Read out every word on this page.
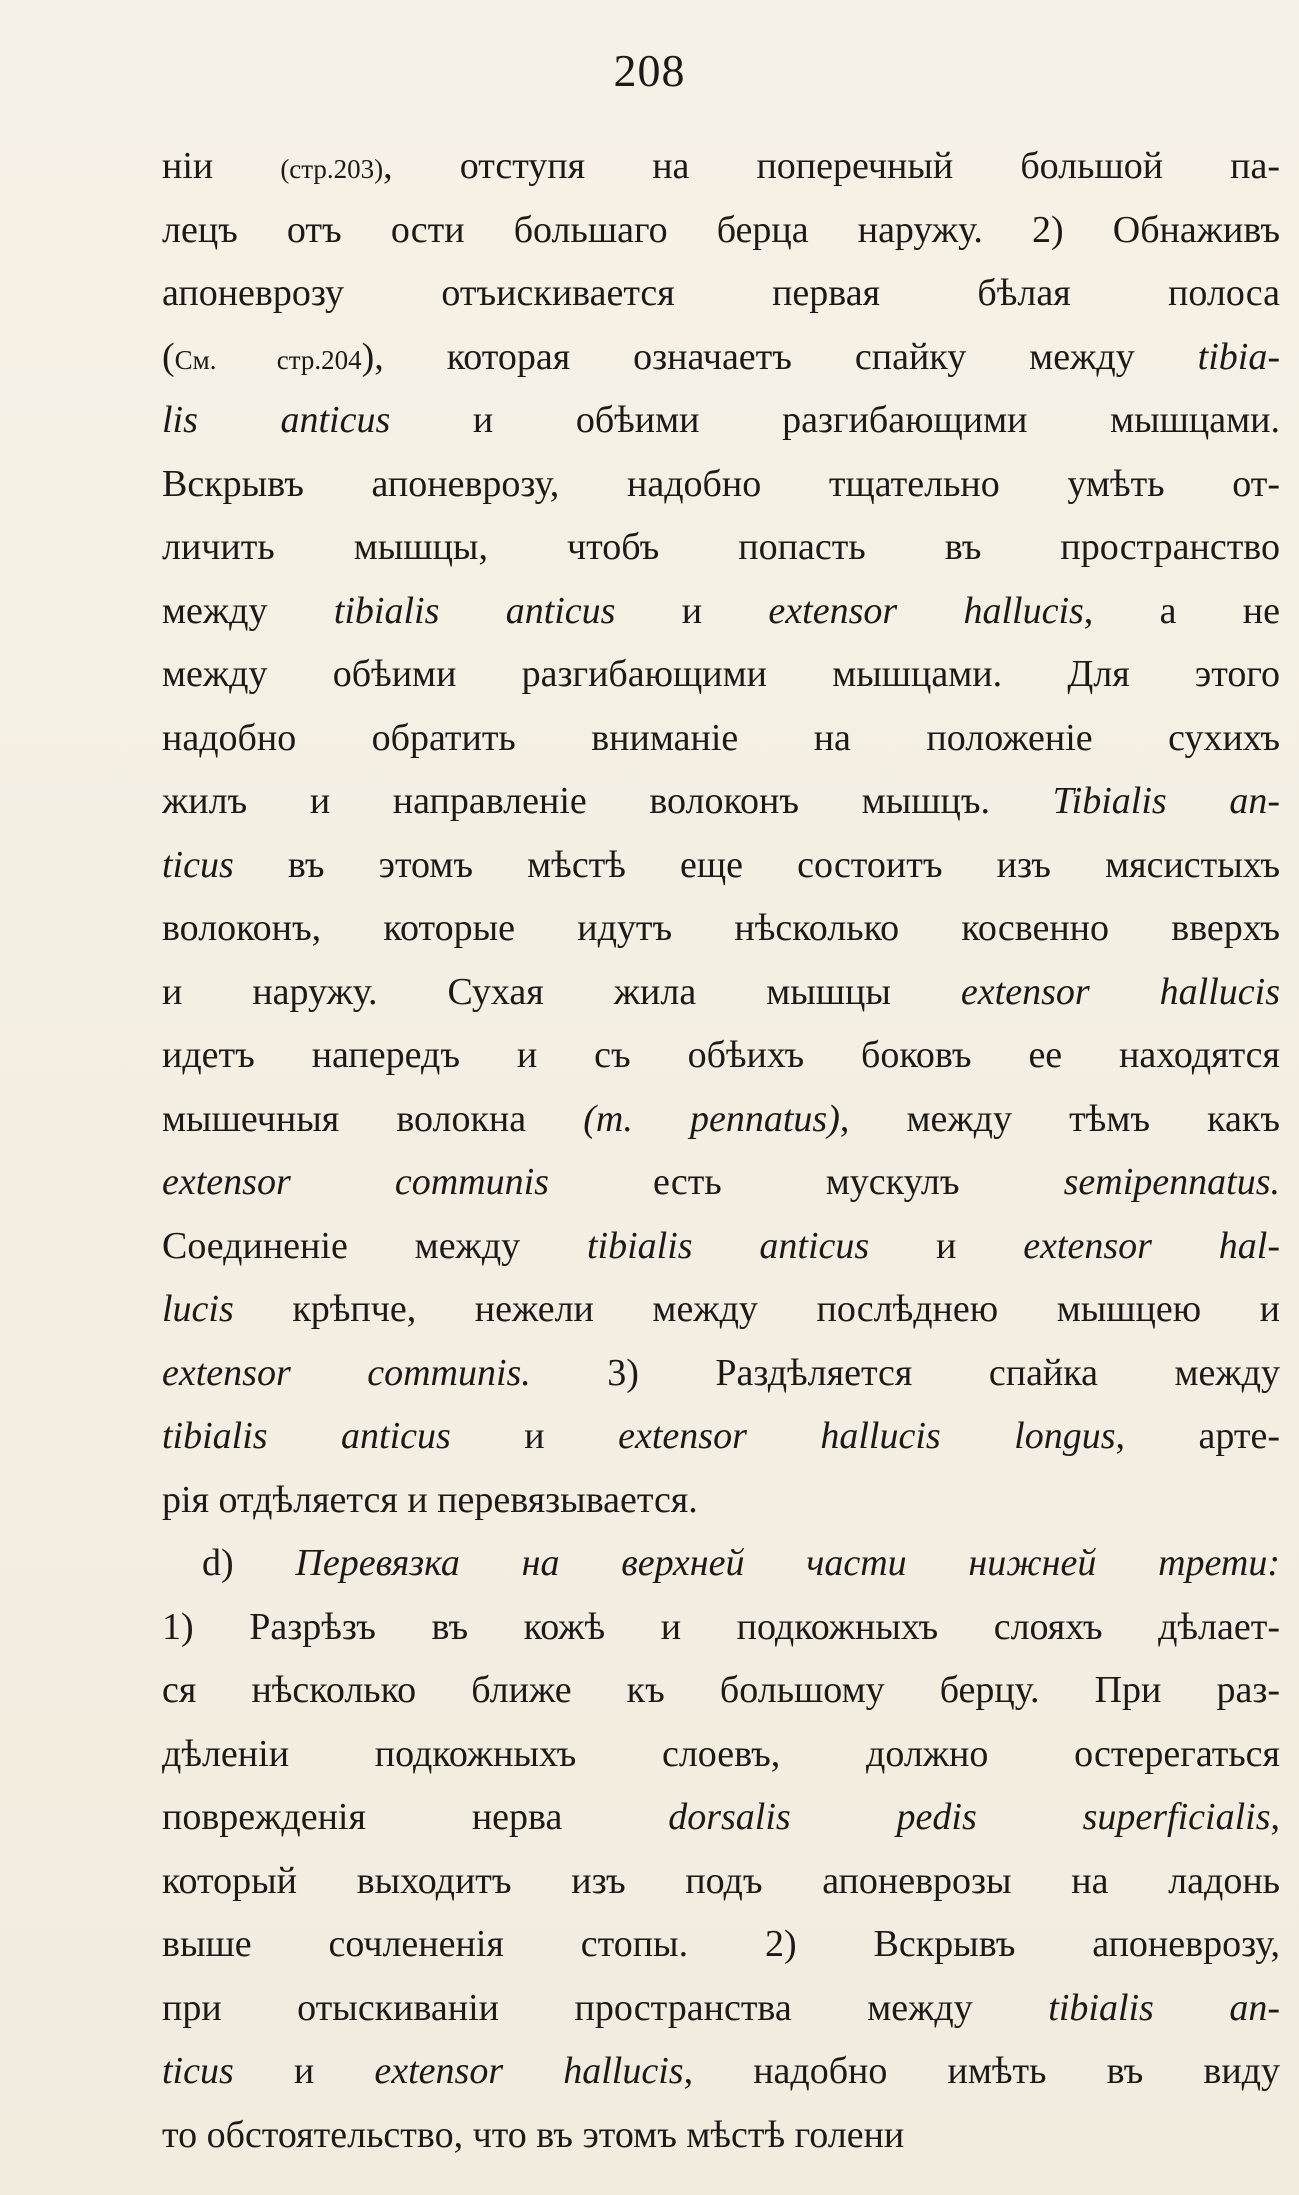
208
нiи (стр.203), отступя на поперечный большой па-
лецъ отъ ости большаго берца наружу. 2) Обнаживъ
апоневрозу отъискивается первая бѣлая полоса
(См. стр.204), которая означаетъ спайку между tibia-
lis anticus и обѣими разгибающими мышцами.
Вскрывъ апоневрозу, надобно тщательно умѣть от-
личить мышцы, чтобъ попасть въ пространство
между tibialis anticus и extensor hallucis, а не
между обѣими разгибающими мышцами. Для этого
надобно обратить вниманiе на положенiе сухихъ
жилъ и направленiе волоконъ мышцъ. Tibialis an-
ticus въ этомъ мѣстѣ еще состоитъ изъ мясистыхъ
волоконъ, которые идутъ нѣсколько косвенно вверхъ
и наружу. Сухая жила мышцы extensor hallucis
идетъ напередъ и съ обѣихъ боковъ ее находятся
мышечныя волокна (m. pennatus), между тѣмъ какъ
extensor communis есть мускулъ semipennatus.
Соединенiе между tibialis anticus и extensor hal-
lucis крѣпче, нежели между послѣднею мышцею и
extensor communis. 3) Раздѣляется спайка между
tibialis anticus и extensor hallucis longus, арте-
рiя отдѣляется и перевязывается.
d) Перевязка на верхней части нижней трети:
1) Разрѣзъ въ кожѣ и подкожныхъ слояхъ дѣлает-
ся нѣсколько ближе къ большому берцу. При раз-
дѣленiи подкожныхъ слоевъ, должно остерегаться
поврежденiя нерва dorsalis pedis superficialis,
который выходитъ изъ подъ апоневрозы на ладонь
выше сочлененiя стопы. 2) Вскрывъ апоневрозу,
при отыскиванiи пространства между tibialis an-
ticus и extensor hallucis, надобно имѣть въ виду
то обстоятельство, что въ этомъ мѣстѣ голени
